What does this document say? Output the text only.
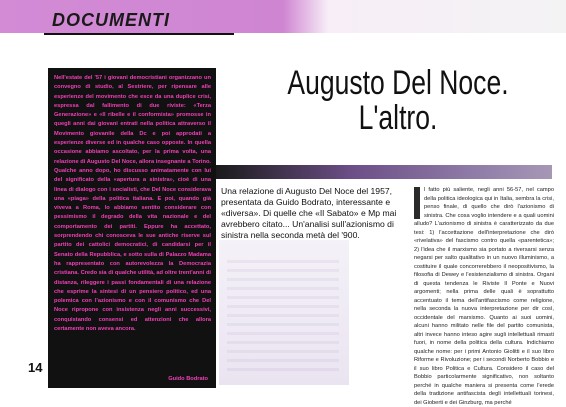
DOCUMENTI

Nell'estate del '57 i giovani democristiani organizzano un convegno di studio, al Sestriere, per ripensare alle esperienze del movimento che esce da una duplice crisi, espressa dal fallimento di due riviste: «Terza Generazione» e «Il ribelle e il conformista» promosse in quegli anni dai giovani entrati nella politica attraverso il Movimento giovanile della Dc e poi approdati a esperienze diverse ed in qualche caso opposte. In quella occasione abbiamo ascoltato, per la prima volta, una relazione di Augusto Del Noce, allora insegnante a Torino. Qualche anno dopo, ho discusso animatamente con lui del significato della «apertura a sinistra», cioè di una linea di dialogo con i socialisti, che Del Noce considerava una «piaga» della politica italiana. E poi, quando già viveva a Roma, lo abbiamo sentito considerare con pessimismo il degrado della vita nazionale e del comportamento dei partiti. Eppure ha accettato, sorprendendo chi conosceva le sue antiche riserve sul partito dei cattolici democratici, di candidarsi per il Senato della Repubblica, e sotto sulla di Palazzo Madama ha rappresentato con autorevolezza la Democrazia cristiana. Credo sia di qualche utilità, ad oltre trent'anni di distanza, rileggere i passi fondamentali di una relazione che esprime la sintesi di un pensiero politico, ed una polemica con l'azionismo e con il comunismo che Del Noce ripropone con insistenza negli anni successivi, conquistando consensi ed attenzioni che allora certamente non aveva ancora.

Guido Bodrato
14
Augusto Del Noce.
L'altro.
Una relazione di Augusto Del Noce del 1957, presentata da Guido Bodrato, interessante e «diversa». Di quelle che «Il Sabato» e Mp mai avrebbero citato... Un'analisi sull'azionismo di sinistra nella seconda metà del '900.
l fatto più saliente, negli anni 56-57, nel campo della politica ideologica qui in Italia, sembra la crisi, penso finale, di quello che dirò l'azionismo di sinistra. Che cosa voglio intendere e a quali uomini alludo? L'azionismo di sinistra è caratterizzato da due tesi: 1) l'accettazione dell'interpretazione che dirò «rivelativa» del fascismo contro quella «parentetica»; 2) l'idea che il marxismo sia portato a riversarsi senza negarsi per salto qualitativo in un nuovo illuminismo, a costituire il quale concorrerebbero il neopositivismo, la filosofia di Dewey e l'esistenzialismo di sinistra. Organi di questa tendenza le Riviste Il Ponte e Nuovi argomenti; nella prima delle quali è soprattutto accentuato il tema dell'antifascismo come religione, nella seconda la nuova interpretazione per dir così, occidentale del marxismo. Quanto ai suoi uomini, alcuni hanno militato nelle file del partito comunista, altri invece hanno inteso agire sugli intellettuali rimasti fuori, in nome della politica della cultura. Indichiamo qualche nome: per i primi Antonio Giolitti e il suo libro Riforme e Rivoluzione; per i secondi Norberto Bobbio e il suo libro Politica e Cultura. Considero il caso del Bobbio particolarmente significativo, non soltanto perché in qualche maniera si presenta come l'erede della tradizione antifascista degli intellettuali torinesi, dei Gioberti e dei Ginzburg, ma perché
